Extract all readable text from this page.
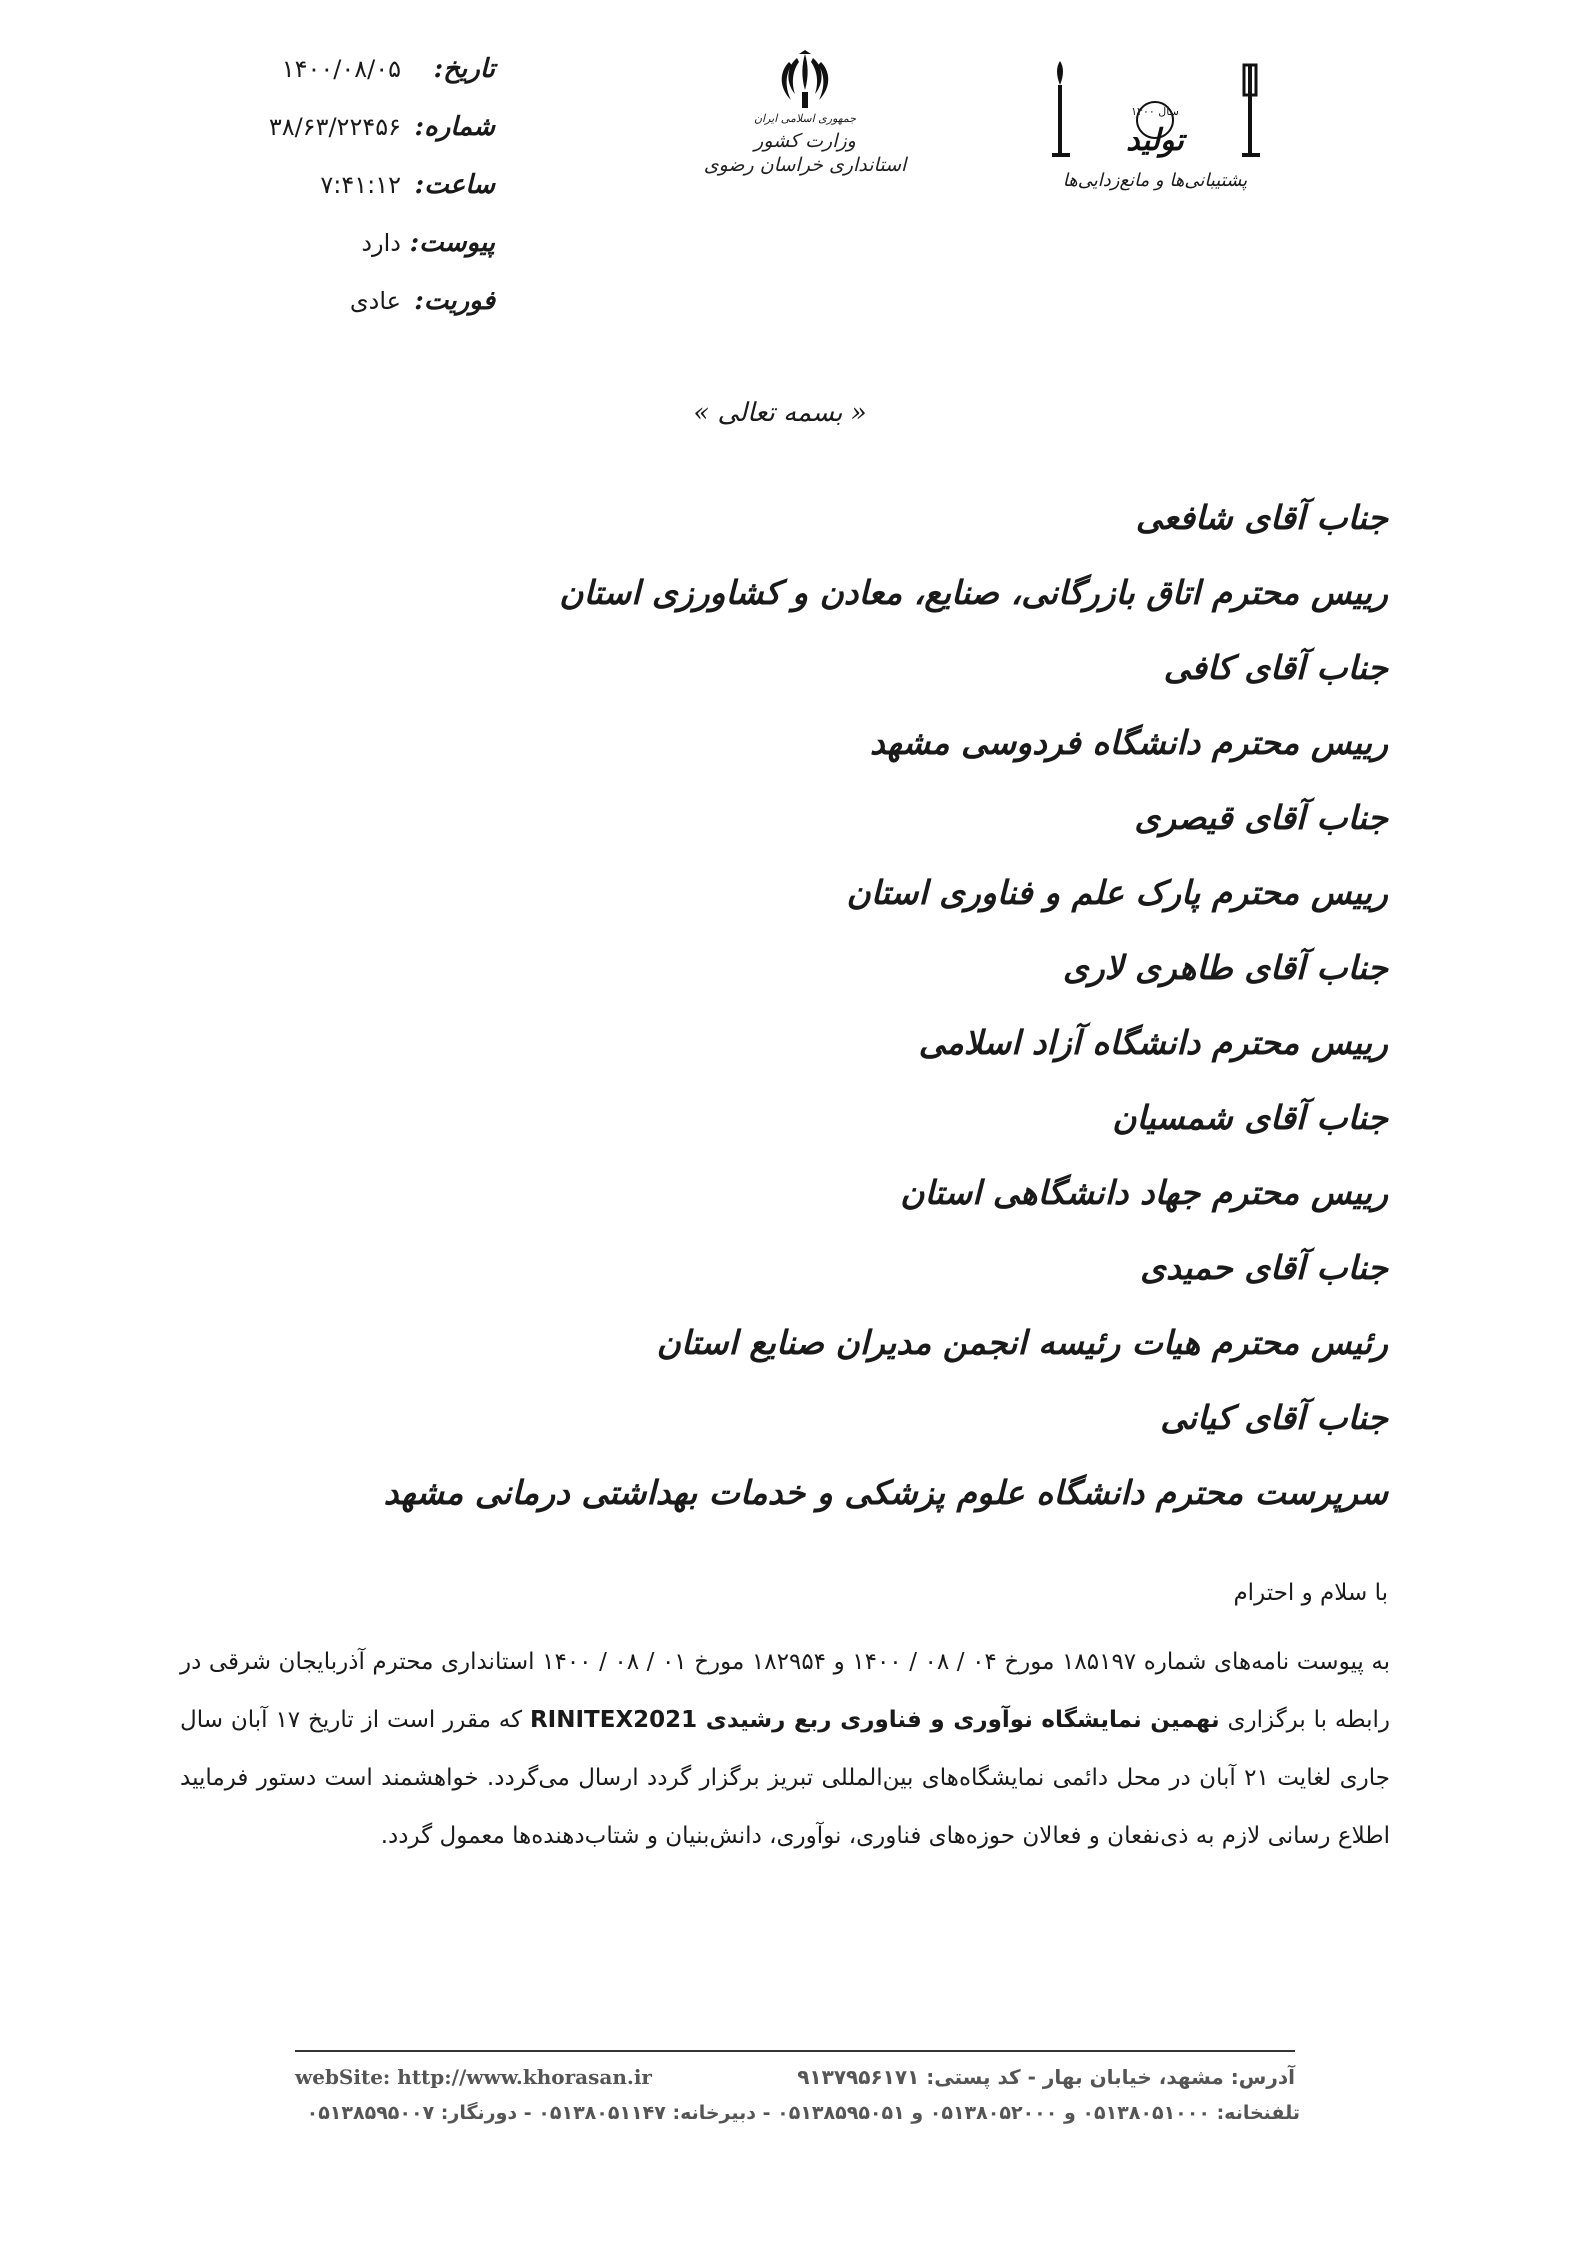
تاریخ:
۱۴۰۰/۰۸/۰۵
شماره:
۳۸/۶۳/۲۲۴۵۶
ساعت:
۷:۴۱:۱۲
پیوست:
دارد
فوریت:
عادی
جمهوری اسلامی ایران
وزارت کشور
استانداری خراسان رضوی
سال ۱۴۰۰
تولید
پشتیبانی‌ها و مانع‌زدایی‌ها
« بسمه تعالی »
جناب آقای شافعی
رییس محترم اتاق بازرگانی، صنایع، معادن و کشاورزی استان
جناب آقای کافی
رییس محترم دانشگاه فردوسی مشهد
جناب آقای قیصری
رییس محترم پارک علم و فناوری استان
جناب آقای طاهری لاری
رییس محترم دانشگاه آزاد اسلامی
جناب آقای شمسیان
رییس محترم جهاد دانشگاهی استان
جناب آقای حمیدی
رئیس محترم هیات رئیسه انجمن مدیران صنایع استان
جناب آقای کیانی
سرپرست محترم دانشگاه علوم پزشکی و خدمات بهداشتی درمانی مشهد
با سلام و احترام
به پیوست نامه‌های شماره ۱۸۵۱۹۷ مورخ ۰۴ / ۰۸ / ۱۴۰۰ و ۱۸۲۹۵۴ مورخ ۰۱ / ۰۸ / ۱۴۰۰ استانداری محترم آذربایجان شرقی در رابطه با برگزاری نهمین نمایشگاه نوآوری و فناوری ربع رشیدی RINITEX2021 که مقرر است از تاریخ ۱۷ آبان سال جاری لغایت ۲۱ آبان در محل دائمی نمایشگاه‌های بین‌المللی تبریز برگزار گردد ارسال می‌گردد. خواهشمند است دستور فرمایید اطلاع رسانی لازم به ذی‌نفعان و فعالان حوزه‌های فناوری، نوآوری، دانش‌بنیان و شتاب‌دهنده‌ها معمول گردد.
webSite: http://www.khorasan.ir	آدرس: مشهد، خیابان بهار - کد پستی: ۹۱۳۷۹۵۶۱۷۱
تلفنخانه: ۰۵۱۳۸۰۵۱۰۰۰ و ۰۵۱۳۸۰۵۲۰۰۰ و ۰۵۱۳۸۵۹۵۰۵۱ - دبیرخانه: ۰۵۱۳۸۰۵۱۱۴۷ - دورنگار: ۰۵۱۳۸۵۹۵۰۰۷
